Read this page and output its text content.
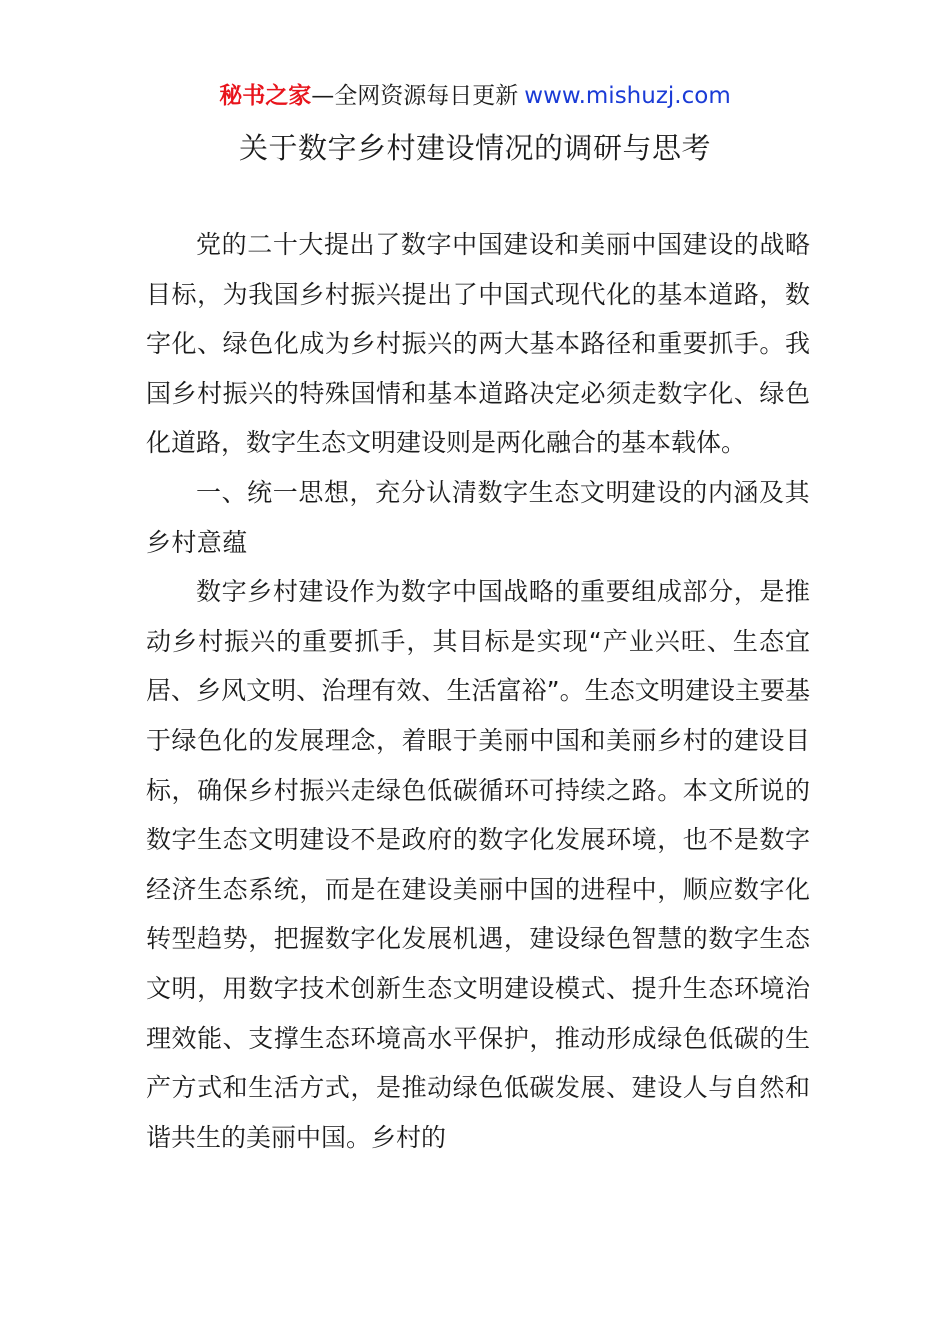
秘书之家—全网资源每日更新 www.mishuzj.com
关于数字乡村建设情况的调研与思考

党的二十大提出了数字中国建设和美丽中国建设的战略目标，为我国乡村振兴提出了中国式现代化的基本道路，数字化、绿色化成为乡村振兴的两大基本路径和重要抓手。我国乡村振兴的特殊国情和基本道路决定必须走数字化、绿色化道路，数字生态文明建设则是两化融合的基本载体。

一、统一思想，充分认清数字生态文明建设的内涵及其乡村意蕴

数字乡村建设作为数字中国战略的重要组成部分，是推动乡村振兴的重要抓手，其目标是实现“产业兴旺、生态宜居、乡风文明、治理有效、生活富裕”。生态文明建设主要基于绿色化的发展理念，着眼于美丽中国和美丽乡村的建设目标，确保乡村振兴走绿色低碳循环可持续之路。本文所说的数字生态文明建设不是政府的数字化发展环境，也不是数字经济生态系统，而是在建设美丽中国的进程中，顺应数字化转型趋势，把握数字化发展机遇，建设绿色智慧的数字生态文明，用数字技术创新生态文明建设模式、提升生态环境治理效能、支撑生态环境高水平保护，推动形成绿色低碳的生产方式和生活方式，是推动绿色低碳发展、建设人与自然和谐共生的美丽中国。乡村的
